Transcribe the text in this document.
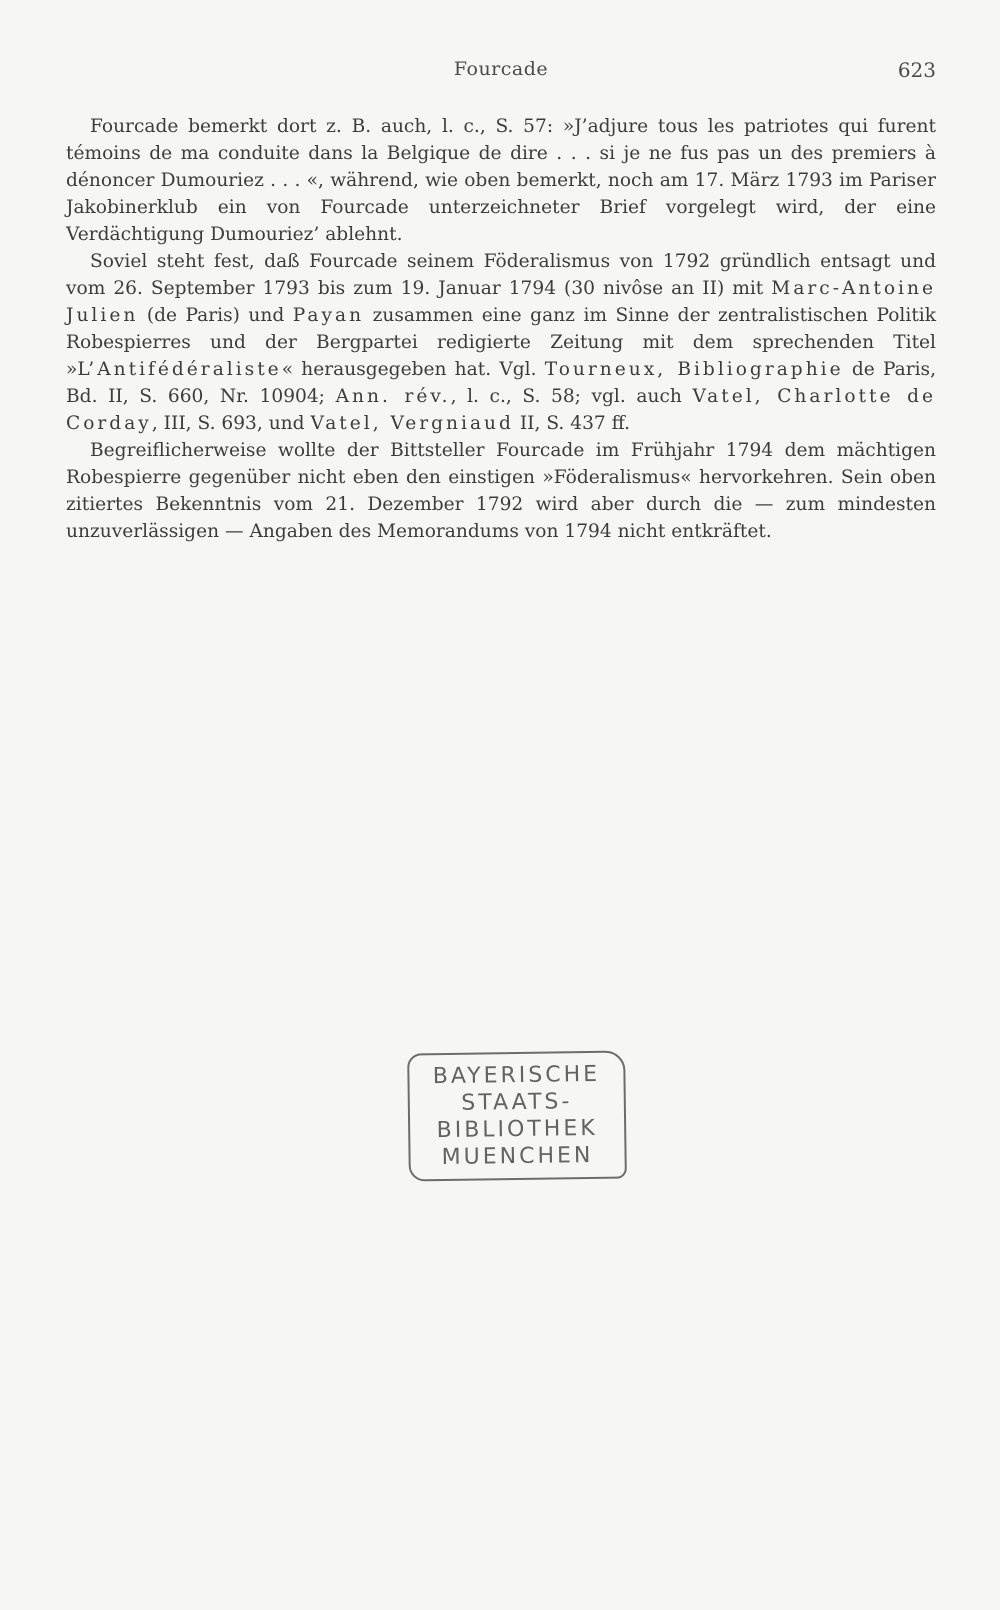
Fourcade	623

Fourcade bemerkt dort z. B. auch, l. c., S. 57: »J’adjure tous les patriotes qui furent témoins de ma conduite dans la Belgique de dire . . . si je ne fus pas un des premiers à dénoncer Dumouriez . . . «, während, wie oben bemerkt, noch am 17. März 1793 im Pariser Jakobinerklub ein von Fourcade unterzeichneter Brief vorgelegt wird, der eine Verdächtigung Dumouriez’ ablehnt.

Soviel steht fest, daß Fourcade seinem Föderalismus von 1792 gründlich entsagt und vom 26. September 1793 bis zum 19. Januar 1794 (30 nivôse an II) mit Marc-Antoine Julien (de Paris) und Payan zusammen eine ganz im Sinne der zentralistischen Politik Robespierres und der Bergpartei redigierte Zeitung mit dem sprechenden Titel »L’Antifédéraliste« herausgegeben hat. Vgl. Tourneux, Bibliographie de Paris, Bd. II, S. 660, Nr. 10904; Ann. rév., l. c., S. 58; vgl. auch Vatel, Charlotte de Corday, III, S. 693, und Vatel, Vergniaud II, S. 437 ff.

Begreiflicherweise wollte der Bittsteller Fourcade im Frühjahr 1794 dem mächtigen Robespierre gegenüber nicht eben den einstigen »Föderalismus« hervorkehren. Sein oben zitiertes Bekenntnis vom 21. Dezember 1792 wird aber durch die — zum mindesten unzuverlässigen — Angaben des Memorandums von 1794 nicht entkräftet.

BAYERISCHE
STAATS-
BIBLIOTHEK
MUENCHEN
